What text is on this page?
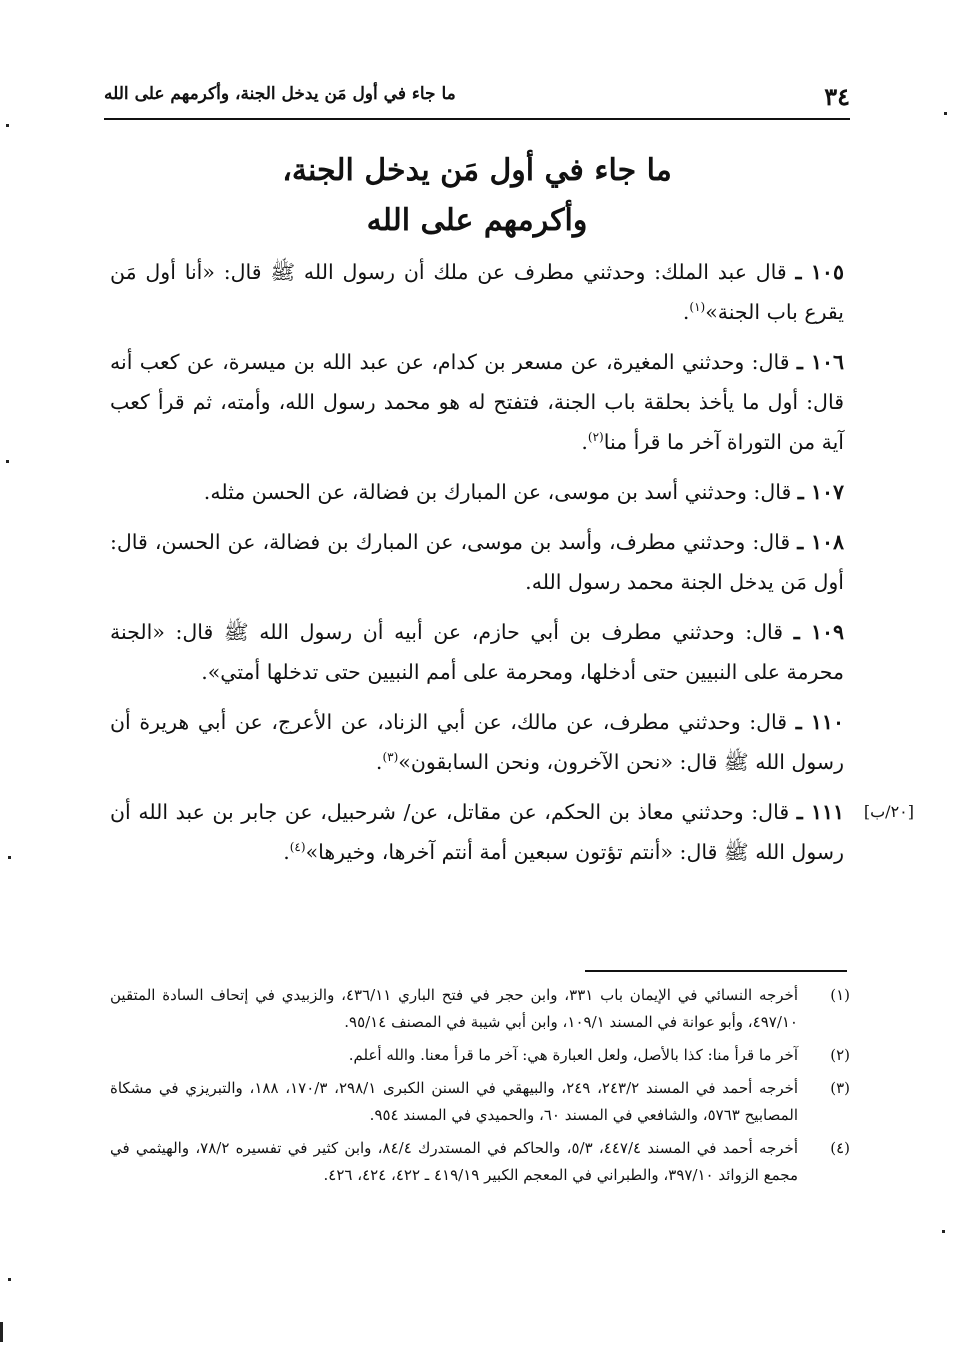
٣٤
ما جاء في أول مَن يدخل الجنة، وأكرمهم على الله
ما جاء في أول مَن يدخل الجنة،
وأكرمهم على الله

١٠٥ ـ قال عبد الملك: وحدثني مطرف عن ملك أن رسول الله ﷺ قال: «أنا أول مَن يقرع باب الجنة»$^{(١)}$.

١٠٦ ـ قال: وحدثني المغيرة، عن مسعر بن كدام، عن عبد الله بن ميسرة، عن كعب أنه قال: أول ما يأخذ بحلقة باب الجنة، فتفتح له هو محمد رسول الله، وأمته، ثم قرأ كعب آية من التوراة آخر ما قرأ منا$^{(٢)}$.

١٠٧ ـ قال: وحدثني أسد بن موسى، عن المبارك بن فضالة، عن الحسن مثله.

١٠٨ ـ قال: وحدثني مطرف، وأسد بن موسى، عن المبارك بن فضالة، عن الحسن، قال: أول مَن يدخل الجنة محمد رسول الله.

١٠٩ ـ قال: وحدثني مطرف بن أبي حازم، عن أبيه أن رسول الله ﷺ قال: «الجنة محرمة على النبيين حتى أدخلها، ومحرمة على أمم النبيين حتى تدخلها أمتي».

١١٠ ـ قال: وحدثني مطرف، عن مالك، عن أبي الزناد، عن الأعرج، عن أبي هريرة أن رسول الله ﷺ قال: «نحن الآخرون، ونحن السابقون»$^{(٣)}$.

[٢٠/ب]
١١١ ـ قال: وحدثني معاذ بن الحكم، عن مقاتل، عن/ شرحبيل، عن جابر بن عبد الله أن رسول الله ﷺ قال: «أنتم تؤتون سبعين أمة أنتم آخرها، وخيرها»$^{(٤)}$.

(١)
أخرجه النسائي في الإيمان باب ٣٣١، وابن حجر في فتح الباري ٤٣٦/١١، والزبيدي في إتحاف السادة المتقين ٤٩٧/١٠، وأبو عوانة في المسند ١٠٩/١، وابن أبي شيبة في المصنف ٩٥/١٤.
(٢)
آخر ما قرأ منا: كذا بالأصل، ولعل العبارة هي: آخر ما قرأ معنا. والله أعلم.
(٣)
أخرجه أحمد في المسند ٢٤٣/٢، ٢٤٩، والبيهقي في السنن الكبرى ٢٩٨/١، ١٧٠/٣، ١٨٨، والتبريزي في مشكاة المصابيح ٥٧٦٣، والشافعي في المسند ٦٠، والحميدي في المسند ٩٥٤.
(٤)
أخرجه أحمد في المسند ٤٤٧/٤، ٥/٣، والحاكم في المستدرك ٨٤/٤، وابن كثير في تفسيره ٧٨/٢، والهيثمي في مجمع الزوائد ٣٩٧/١٠، والطبراني في المعجم الكبير ٤١٩/١٩ ـ ٤٢٢، ٤٢٤، ٤٢٦.
